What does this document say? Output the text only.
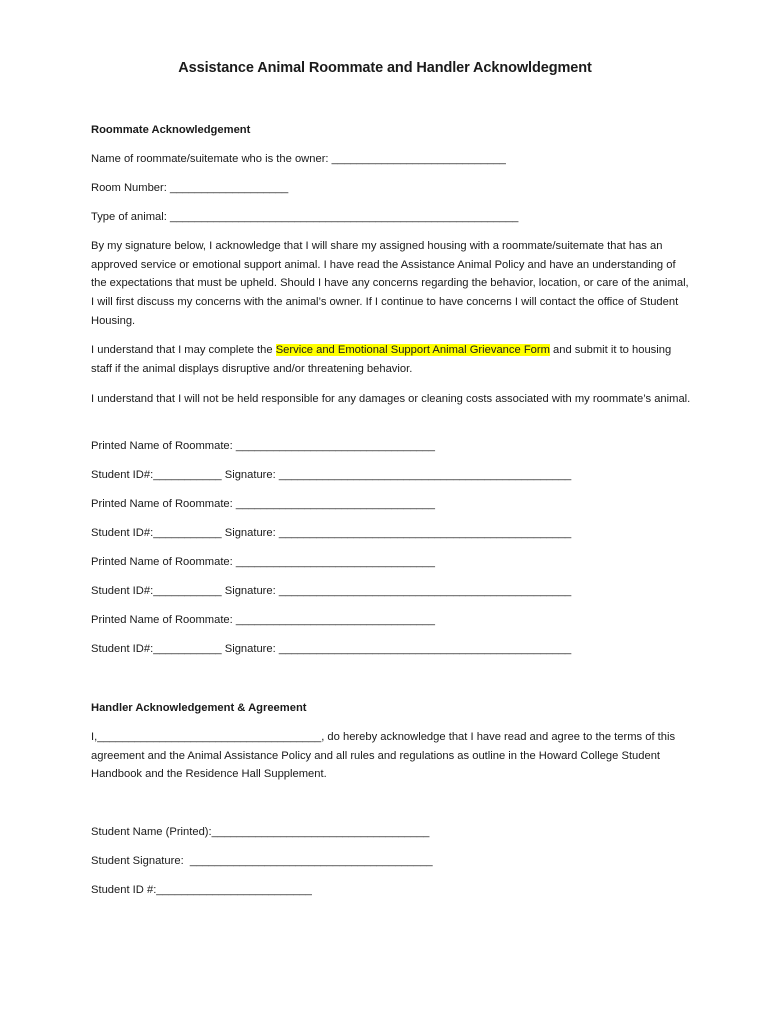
Assistance Animal Roommate and Handler Acknowldegment
Roommate Acknowledgement
Name of roommate/suitemate who is the owner: ____________________________
Room Number: ___________________
Type of animal: ________________________________________________________
By my signature below, I acknowledge that I will share my assigned housing with a roommate/suitemate that has an approved service or emotional support animal. I have read the Assistance Animal Policy and have an understanding of the expectations that must be upheld. Should I have any concerns regarding the behavior, location, or care of the animal, I will first discuss my concerns with the animal’s owner. If I continue to have concerns I will contact the office of Student Housing.
I understand that I may complete the Service and Emotional Support Animal Grievance Form and submit it to housing staff if the animal displays disruptive and/or threatening behavior.
I understand that I will not be held responsible for any damages or cleaning costs associated with my roommate’s animal.
Printed Name of Roommate: ________________________________
Student ID#:___________ Signature: _______________________________________________
Printed Name of Roommate: ________________________________
Student ID#:___________ Signature: _______________________________________________
Printed Name of Roommate: ________________________________
Student ID#:___________ Signature: _______________________________________________
Printed Name of Roommate: ________________________________
Student ID#:___________ Signature: _______________________________________________
Handler Acknowledgement & Agreement
I,____________________________________, do hereby acknowledge that I have read and agree to the terms of this agreement and the Animal Assistance Policy and all rules and regulations as outline in the Howard College Student Handbook and the Residence Hall Supplement.
Student Name (Printed):___________________________________
Student Signature:  _______________________________________
Student ID #:_________________________
